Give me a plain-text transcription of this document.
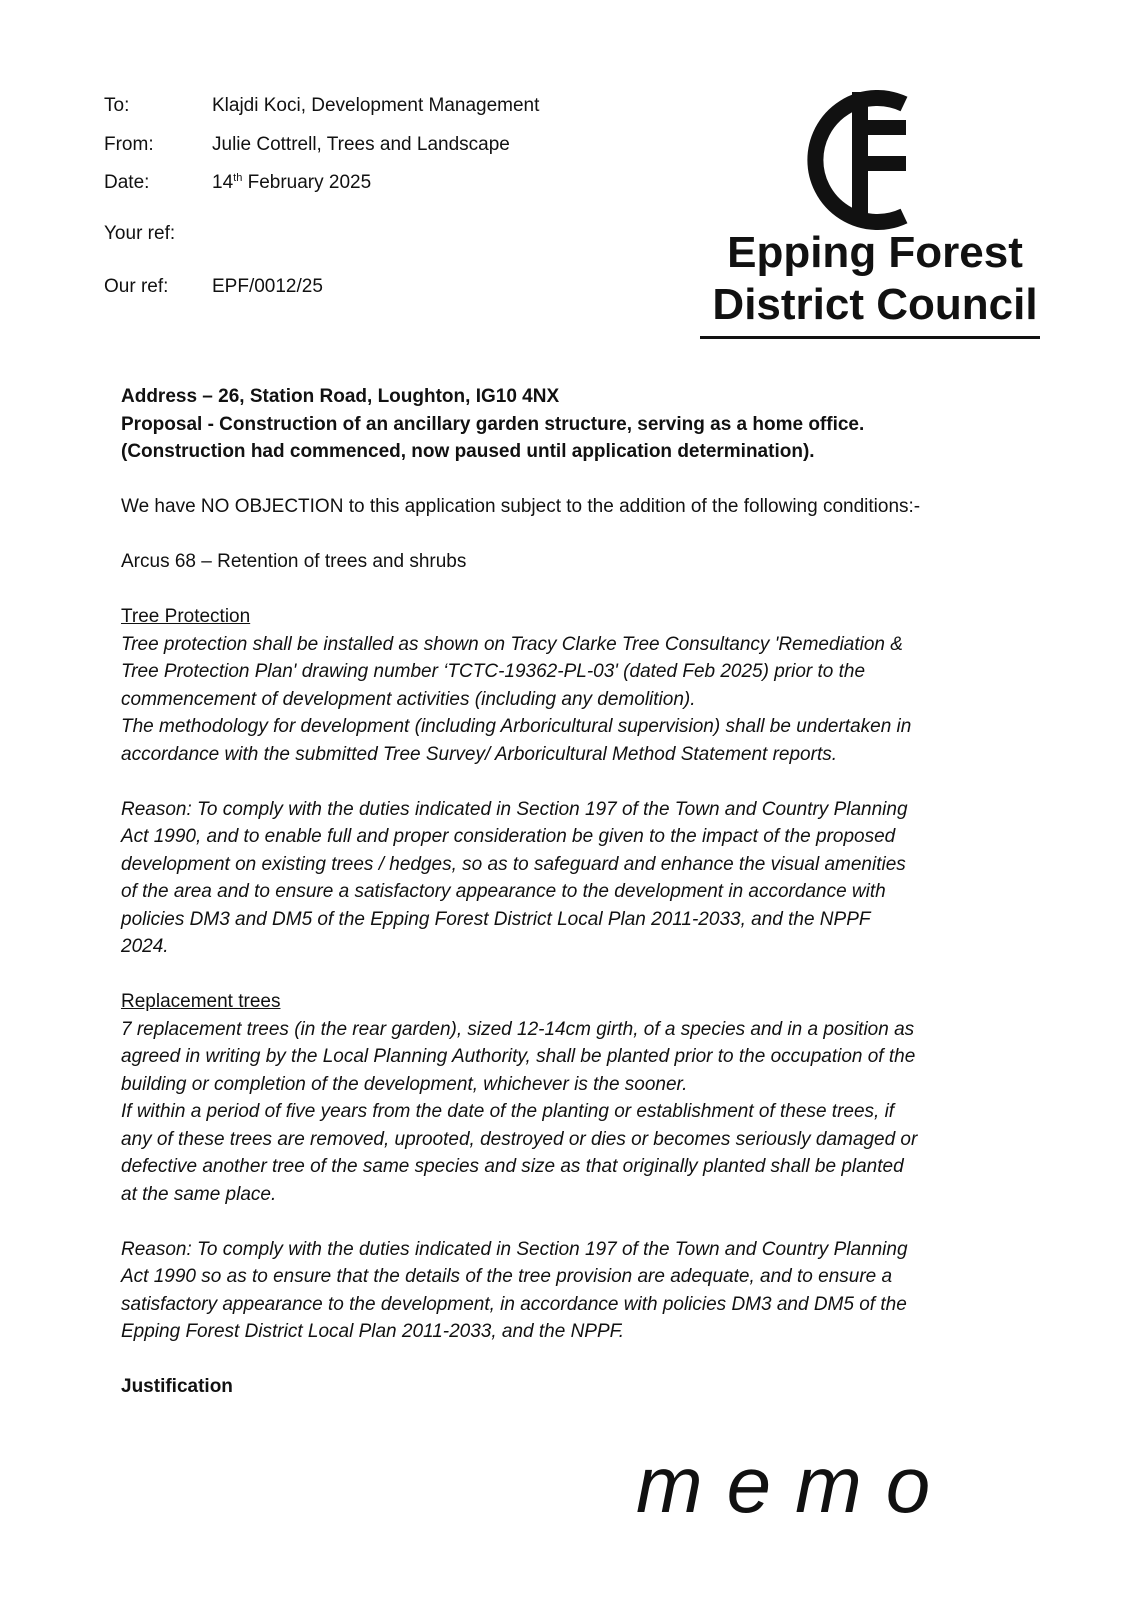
To:	Klajdi Koci, Development Management
From:	Julie Cottrell, Trees and Landscape
Date:	14th February 2025
Your ref:
Our ref: EPF/0012/25
Epping Forest
District Council

Address – 26, Station Road, Loughton, IG10 4NX

Proposal - Construction of an ancillary garden structure, serving as a home office.

(Construction had commenced, now paused until application determination).

We have NO OBJECTION to this application subject to the addition of the following conditions:-

Arcus 68 – Retention of trees and shrubs

Tree Protection

Tree protection shall be installed as shown on Tracy Clarke Tree Consultancy 'Remediation &

Tree Protection Plan' drawing number ‘TCTC-19362-PL-03' (dated Feb 2025) prior to the

commencement of development activities (including any demolition).

The methodology for development (including Arboricultural supervision) shall be undertaken in

accordance with the submitted Tree Survey/ Arboricultural Method Statement reports.

Reason: To comply with the duties indicated in Section 197 of the Town and Country Planning

Act 1990, and to enable full and proper consideration be given to the impact of the proposed

development on existing trees / hedges, so as to safeguard and enhance the visual amenities

of the area and to ensure a satisfactory appearance to the development in accordance with

policies DM3 and DM5 of the Epping Forest District Local Plan 2011-2033, and the NPPF

2024.

Replacement trees

7 replacement trees (in the rear garden), sized 12-14cm girth, of a species and in a position as

agreed in writing by the Local Planning Authority, shall be planted prior to the occupation of the

building or completion of the development, whichever is the sooner.

If within a period of five years from the date of the planting or establishment of these trees, if

any of these trees are removed, uprooted, destroyed or dies or becomes seriously damaged or

defective another tree of the same species and size as that originally planted shall be planted

at the same place.

Reason: To comply with the duties indicated in Section 197 of the Town and Country Planning

Act 1990 so as to ensure that the details of the tree provision are adequate, and to ensure a

satisfactory appearance to the development, in accordance with policies DM3 and DM5 of the

Epping Forest District Local Plan 2011-2033, and the NPPF.

Justification

memo
